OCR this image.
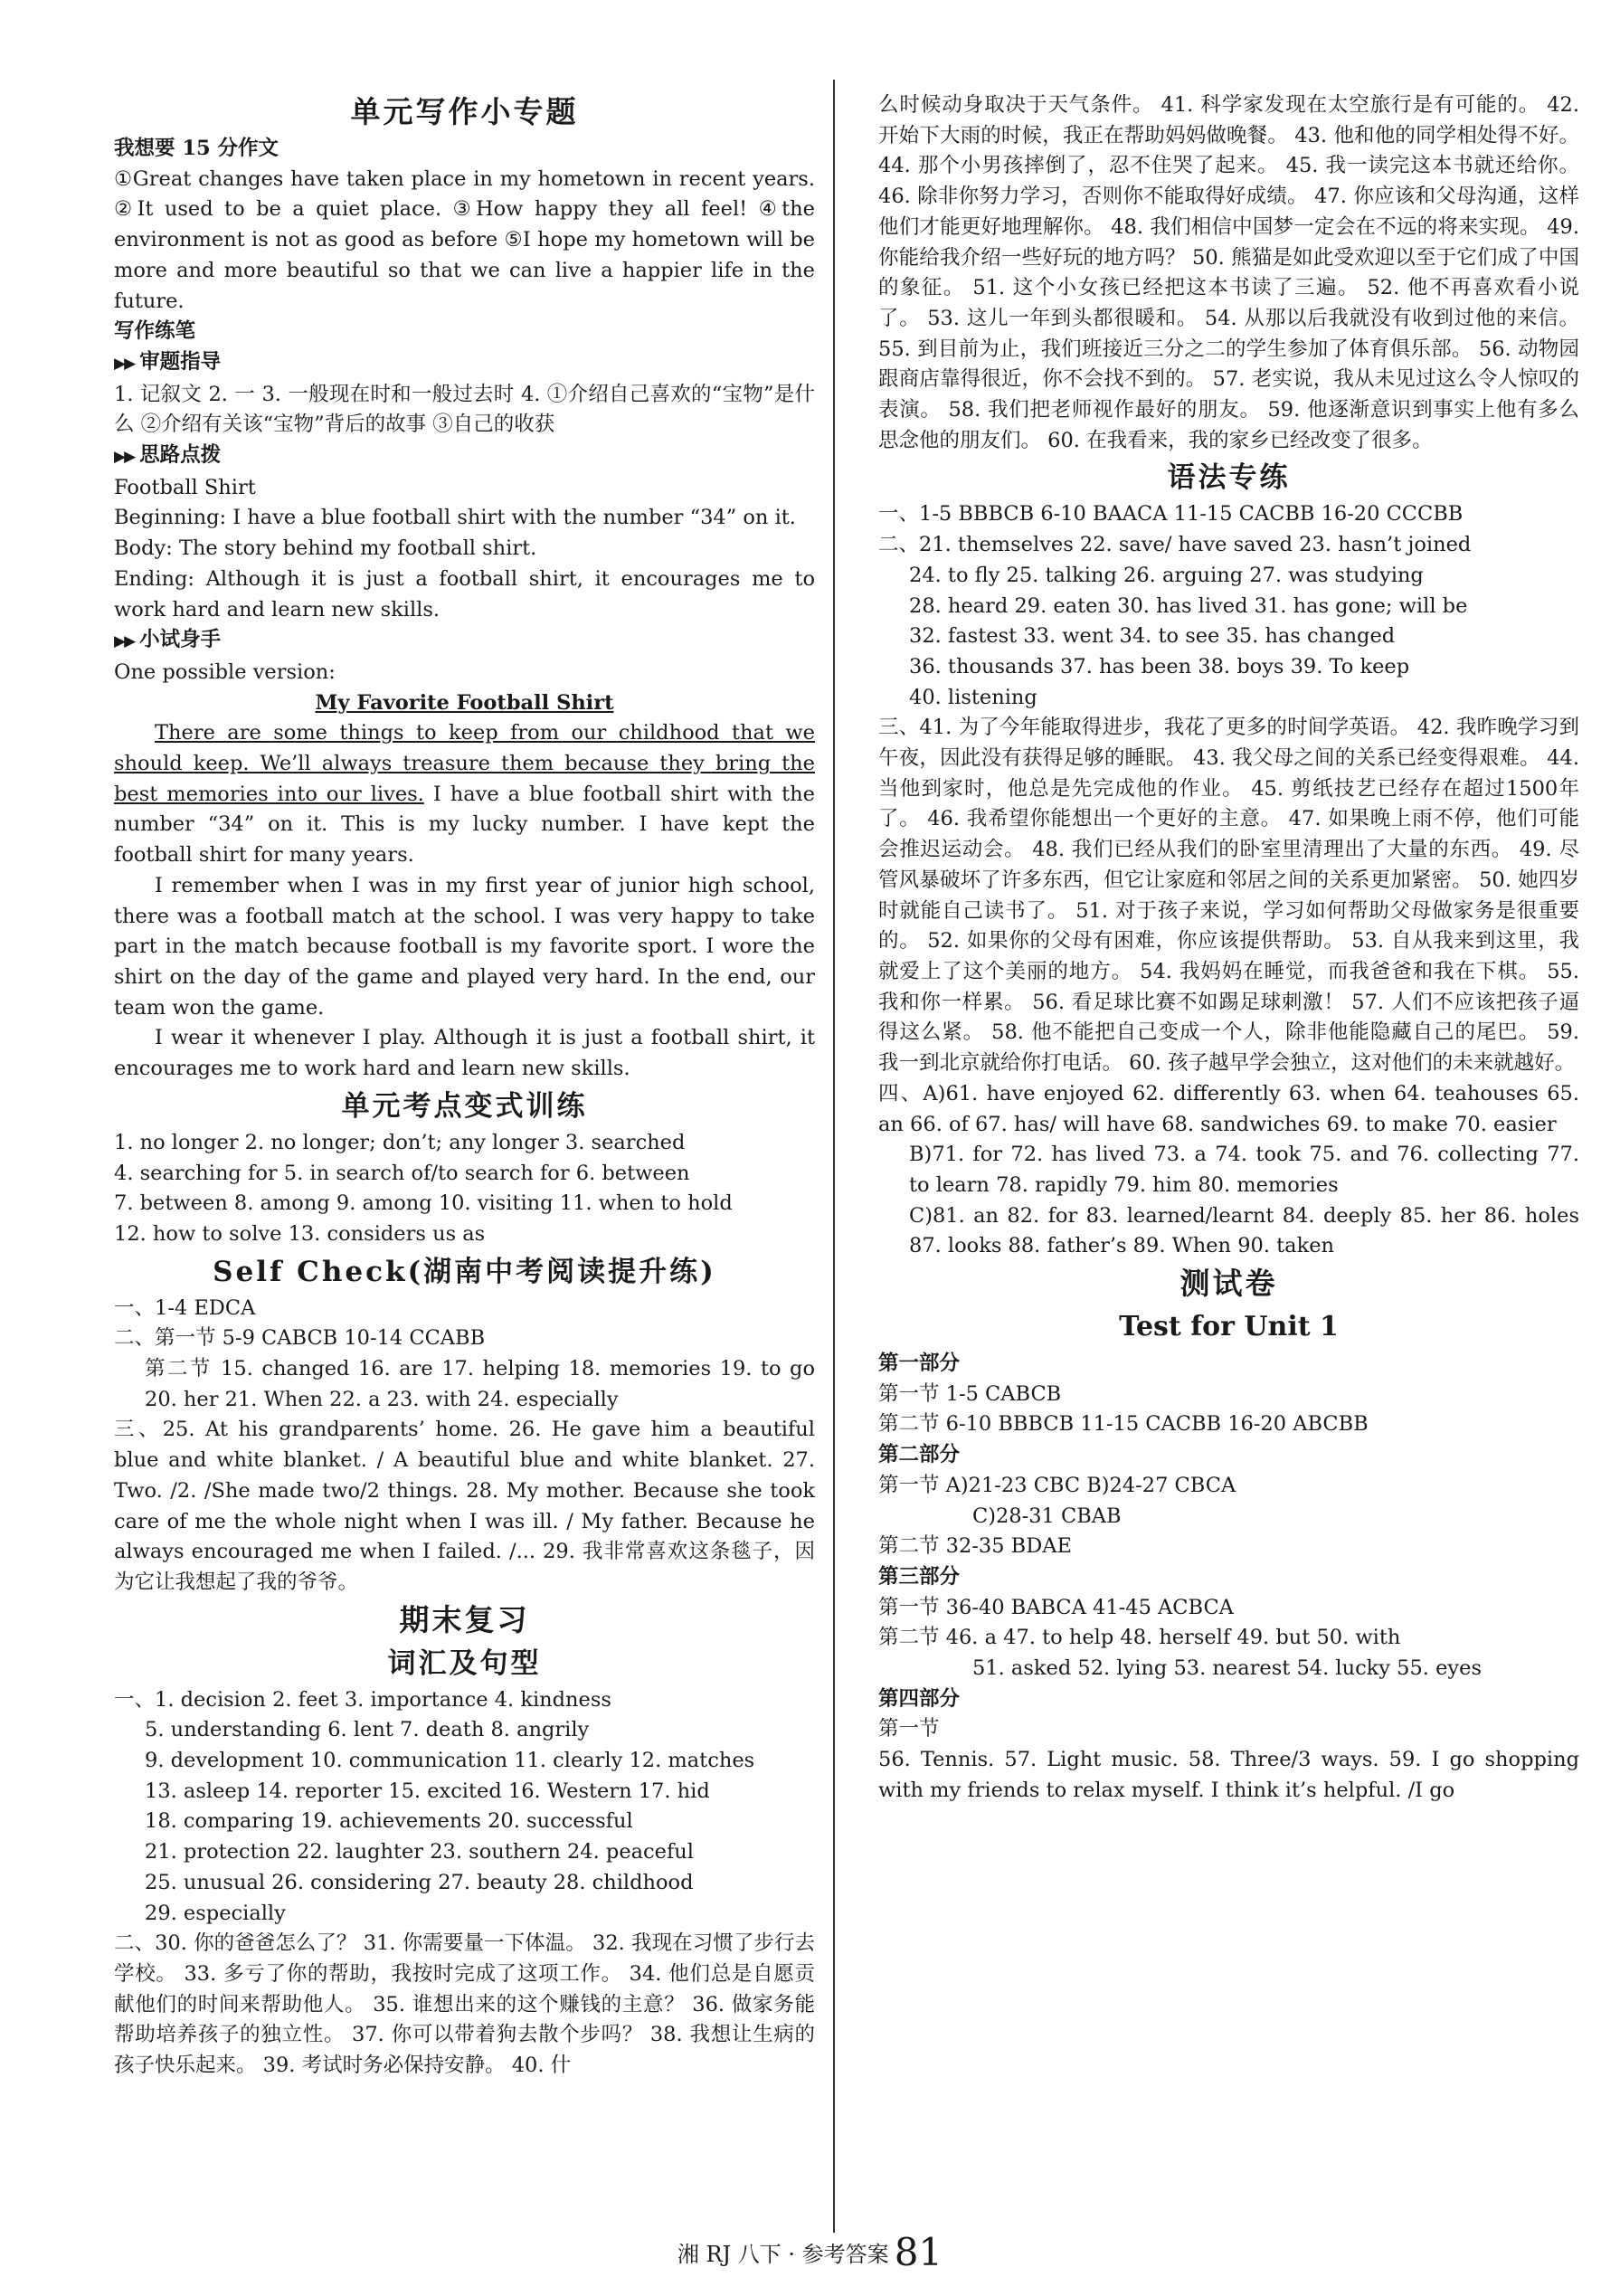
单元写作小专题

我想要 15 分作文

①Great changes have taken place in my hometown in recent years. ②It used to be a quiet place. ③How happy they all feel! ④the environment is not as good as before ⑤I hope my hometown will be more and more beautiful so that we can live a happier life in the future.

写作练笔

▶▶ 审题指导

1. 记叙文 2. 一 3. 一般现在时和一般过去时 4. ①介绍自己喜欢的“宝物”是什么 ②介绍有关该“宝物”背后的故事 ③自己的收获

▶▶ 思路点拨

Football Shirt

Beginning: I have a blue football shirt with the number “34” on it.

Body: The story behind my football shirt.

Ending: Although it is just a football shirt, it encourages me to work hard and learn new skills.

▶▶ 小试身手

One possible version:

My Favorite Football Shirt

There are some things to keep from our childhood that we should keep. We’ll always treasure them because they bring the best memories into our lives. I have a blue football shirt with the number “34” on it. This is my lucky number. I have kept the football shirt for many years.

I remember when I was in my first year of junior high school, there was a football match at the school. I was very happy to take part in the match because football is my favorite sport. I wore the shirt on the day of the game and played very hard. In the end, our team won the game.

I wear it whenever I play. Although it is just a football shirt, it encourages me to work hard and learn new skills.

单元考点变式训练

1. no longer 2. no longer; don’t; any longer 3. searched

4. searching for 5. in search of/to search for 6. between

7. between 8. among 9. among 10. visiting 11. when to hold

12. how to solve 13. considers us as

Self Check(湖南中考阅读提升练)

一、1-4 EDCA

二、第一节 5-9 CABCB 10-14 CCABB

第二节 15. changed 16. are 17. helping 18. memories 19. to go 20. her 21. When 22. a 23. with 24. especially

三、25. At his grandparents’ home. 26. He gave him a beautiful blue and white blanket. / A beautiful blue and white blanket. 27. Two. /2. /She made two/2 things. 28. My mother. Because she took care of me the whole night when I was ill. / My father. Because he always encouraged me when I failed. /... 29. 我非常喜欢这条毯子，因为它让我想起了我的爷爷。

期末复习
词汇及句型

一、1. decision 2. feet 3. importance 4. kindness

5. understanding 6. lent 7. death 8. angrily

9. development 10. communication 11. clearly 12. matches

13. asleep 14. reporter 15. excited 16. Western 17. hid

18. comparing 19. achievements 20. successful

21. protection 22. laughter 23. southern 24. peaceful

25. unusual 26. considering 27. beauty 28. childhood

29. especially

二、30. 你的爸爸怎么了？ 31. 你需要量一下体温。 32. 我现在习惯了步行去学校。 33. 多亏了你的帮助，我按时完成了这项工作。 34. 他们总是自愿贡献他们的时间来帮助他人。 35. 谁想出来的这个赚钱的主意？ 36. 做家务能帮助培养孩子的独立性。 37. 你可以带着狗去散个步吗？ 38. 我想让生病的孩子快乐起来。 39. 考试时务必保持安静。 40. 什

么时候动身取决于天气条件。 41. 科学家发现在太空旅行是有可能的。 42. 开始下大雨的时候，我正在帮助妈妈做晚餐。 43. 他和他的同学相处得不好。 44. 那个小男孩摔倒了，忍不住哭了起来。 45. 我一读完这本书就还给你。 46. 除非你努力学习，否则你不能取得好成绩。 47. 你应该和父母沟通，这样他们才能更好地理解你。 48. 我们相信中国梦一定会在不远的将来实现。 49. 你能给我介绍一些好玩的地方吗？ 50. 熊猫是如此受欢迎以至于它们成了中国的象征。 51. 这个小女孩已经把这本书读了三遍。 52. 他不再喜欢看小说了。 53. 这儿一年到头都很暖和。 54. 从那以后我就没有收到过他的来信。 55. 到目前为止，我们班接近三分之二的学生参加了体育俱乐部。 56. 动物园跟商店靠得很近，你不会找不到的。 57. 老实说，我从未见过这么令人惊叹的表演。 58. 我们把老师视作最好的朋友。 59. 他逐渐意识到事实上他有多么思念他的朋友们。 60. 在我看来，我的家乡已经改变了很多。

语法专练

一、1-5 BBBCB 6-10 BAACA 11-15 CACBB 16-20 CCCBB

二、21. themselves 22. save/ have saved 23. hasn’t joined

24. to fly 25. talking 26. arguing 27. was studying

28. heard 29. eaten 30. has lived 31. has gone; will be

32. fastest 33. went 34. to see 35. has changed

36. thousands 37. has been 38. boys 39. To keep

40. listening

三、41. 为了今年能取得进步，我花了更多的时间学英语。 42. 我昨晚学习到午夜，因此没有获得足够的睡眠。 43. 我父母之间的关系已经变得艰难。 44. 当他到家时，他总是先完成他的作业。 45. 剪纸技艺已经存在超过1500年了。 46. 我希望你能想出一个更好的主意。 47. 如果晚上雨不停，他们可能会推迟运动会。 48. 我们已经从我们的卧室里清理出了大量的东西。 49. 尽管风暴破坏了许多东西，但它让家庭和邻居之间的关系更加紧密。 50. 她四岁时就能自己读书了。 51. 对于孩子来说，学习如何帮助父母做家务是很重要的。 52. 如果你的父母有困难，你应该提供帮助。 53. 自从我来到这里，我就爱上了这个美丽的地方。 54. 我妈妈在睡觉，而我爸爸和我在下棋。 55. 我和你一样累。 56. 看足球比赛不如踢足球刺激！ 57. 人们不应该把孩子逼得这么紧。 58. 他不能把自己变成一个人，除非他能隐藏自己的尾巴。 59. 我一到北京就给你打电话。 60. 孩子越早学会独立，这对他们的未来就越好。

四、A)61. have enjoyed 62. differently 63. when 64. teahouses 65. an 66. of 67. has/ will have 68. sandwiches 69. to make 70. easier

B)71. for 72. has lived 73. a 74. took 75. and 76. collecting 77. to learn 78. rapidly 79. him 80. memories

C)81. an 82. for 83. learned/learnt 84. deeply 85. her 86. holes 87. looks 88. father’s 89. When 90. taken

测试卷
Test for Unit 1

第一部分

第一节 1-5 CABCB

第二节 6-10 BBBCB 11-15 CACBB 16-20 ABCBB

第二部分

第一节 A)21-23 CBC B)24-27 CBCA

C)28-31 CBAB

第二节 32-35 BDAE

第三部分

第一节 36-40 BABCA 41-45 ACBCA

第二节 46. a 47. to help 48. herself 49. but 50. with

51. asked 52. lying 53. nearest 54. lucky 55. eyes

第四部分

第一节

56. Tennis. 57. Light music. 58. Three/3 ways. 59. I go shopping with my friends to relax myself. I think it’s helpful. /I go

湘 RJ 八下 · 参考答案 81
